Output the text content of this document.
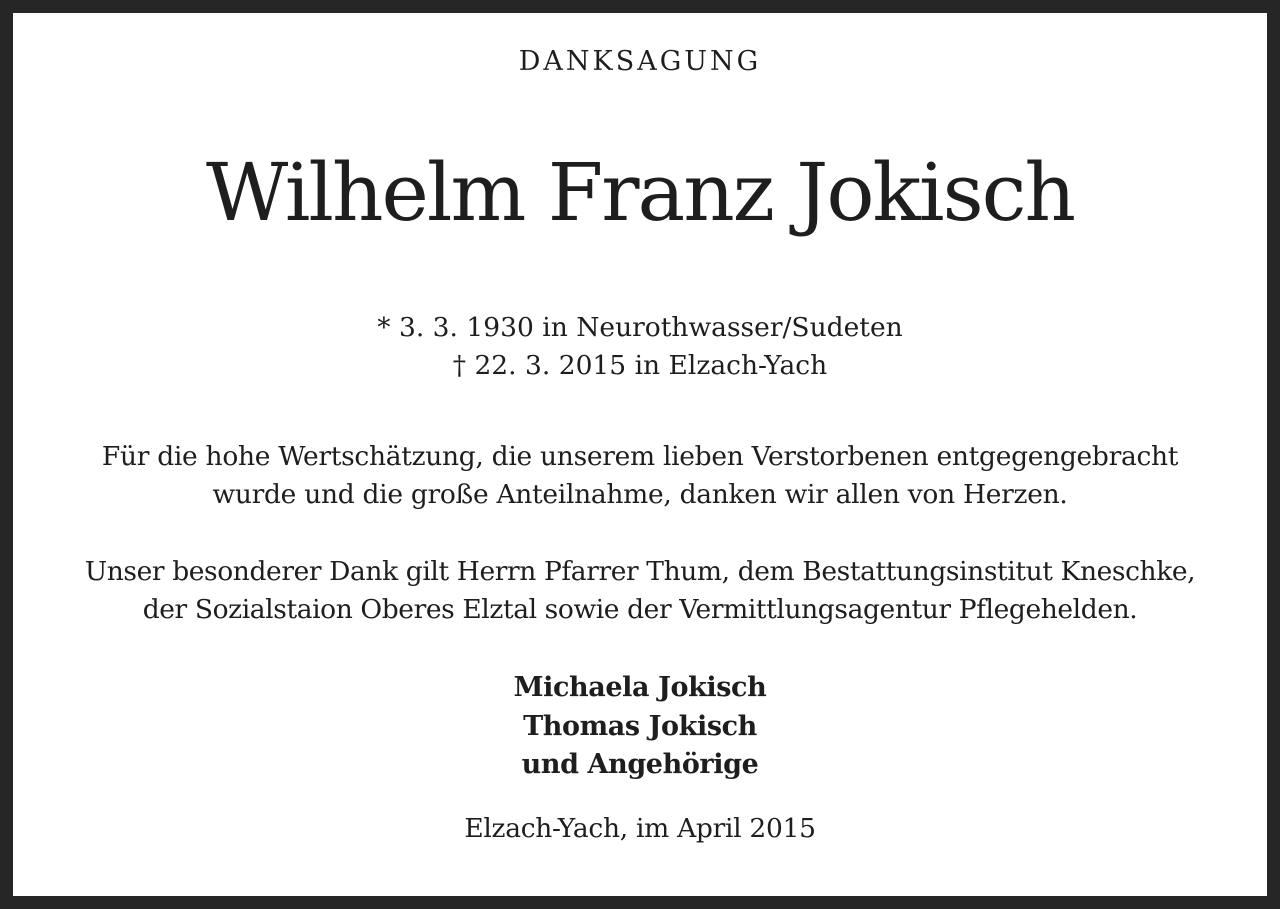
DANKSAGUNG
Wilhelm Franz Jokisch
* 3. 3. 1930 in Neurothwasser/Sudeten
† 22. 3. 2015 in Elzach-Yach
Für die hohe Wertschätzung, die unserem lieben Verstorbenen entgegengebracht
wurde und die große Anteilnahme, danken wir allen von Herzen.
Unser besonderer Dank gilt Herrn Pfarrer Thum, dem Bestattungsinstitut Kneschke,
der Sozialstaion Oberes Elztal sowie der Vermittlungsagentur Pflegehelden.
Michaela Jokisch
Thomas Jokisch
und Angehörige
Elzach-Yach, im April 2015
